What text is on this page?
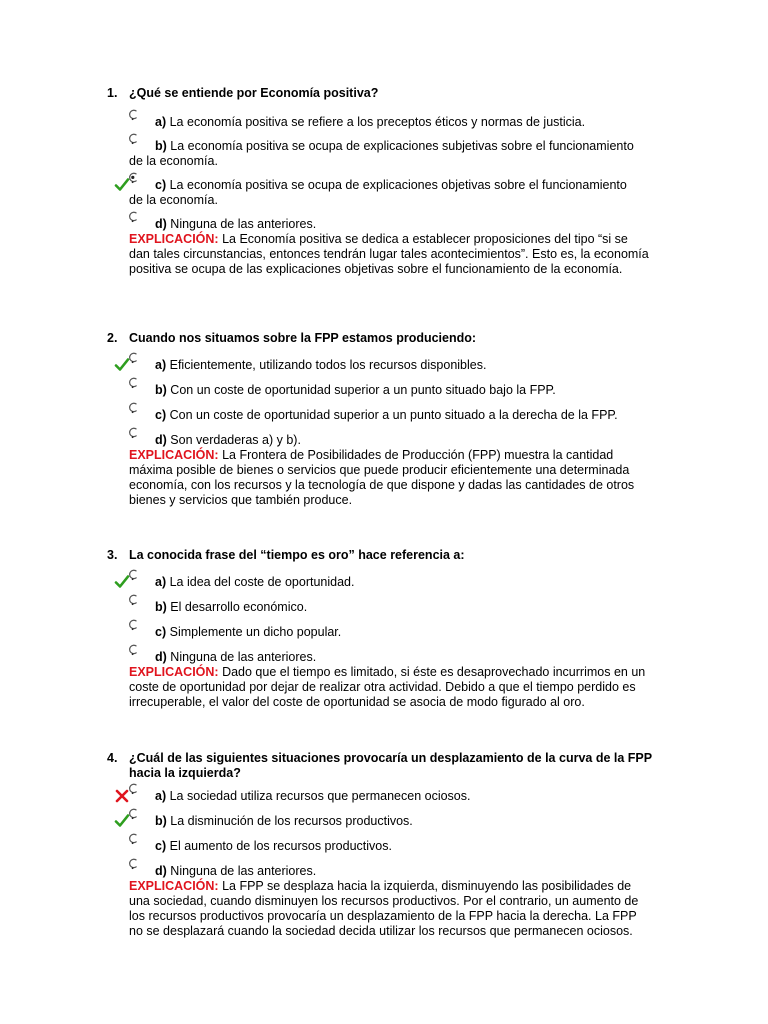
1. ¿Qué se entiende por Economía positiva?
a) La economía positiva se refiere a los preceptos éticos y normas de justicia.
b) La economía positiva se ocupa de explicaciones subjetivas sobre el funcionamiento
de la economía.
c) La economía positiva se ocupa de explicaciones objetivas sobre el funcionamiento
de la economía.
d) Ninguna de las anteriores.
EXPLICACIÓN: La Economía positiva se dedica a establecer proposiciones del tipo “si se dan tales circunstancias, entonces tendrán lugar tales acontecimientos”. Esto es, la economía positiva se ocupa de las explicaciones objetivas sobre el funcionamiento de la economía.
2. Cuando nos situamos sobre la FPP estamos produciendo:
a) Eficientemente, utilizando todos los recursos disponibles.
b) Con un coste de oportunidad superior a un punto situado bajo la FPP.
c) Con un coste de oportunidad superior a un punto situado a la derecha de la FPP.
d) Son verdaderas a) y b).
EXPLICACIÓN: La Frontera de Posibilidades de Producción (FPP) muestra la cantidad máxima posible de bienes o servicios que puede producir eficientemente una determinada economía, con los recursos y la tecnología de que dispone y dadas las cantidades de otros bienes y servicios que también produce.
3. La conocida frase del “tiempo es oro” hace referencia a:
a) La idea del coste de oportunidad.
b) El desarrollo económico.
c) Simplemente un dicho popular.
d) Ninguna de las anteriores.
EXPLICACIÓN: Dado que el tiempo es limitado, si éste es desaprovechado incurrimos en un coste de oportunidad por dejar de realizar otra actividad. Debido a que el tiempo perdido es irrecuperable, el valor del coste de oportunidad se asocia de modo figurado al oro.
4. ¿Cuál de las siguientes situaciones provocaría un desplazamiento de la curva de la FPP hacia la izquierda?
a) La sociedad utiliza recursos que permanecen ociosos.
b) La disminución de los recursos productivos.
c) El aumento de los recursos productivos.
d) Ninguna de las anteriores.
EXPLICACIÓN: La FPP se desplaza hacia la izquierda, disminuyendo las posibilidades de una sociedad, cuando disminuyen los recursos productivos. Por el contrario, un aumento de los recursos productivos provocaría un desplazamiento de la FPP hacia la derecha. La FPP no se desplazará cuando la sociedad decida utilizar los recursos que permanecen ociosos.
